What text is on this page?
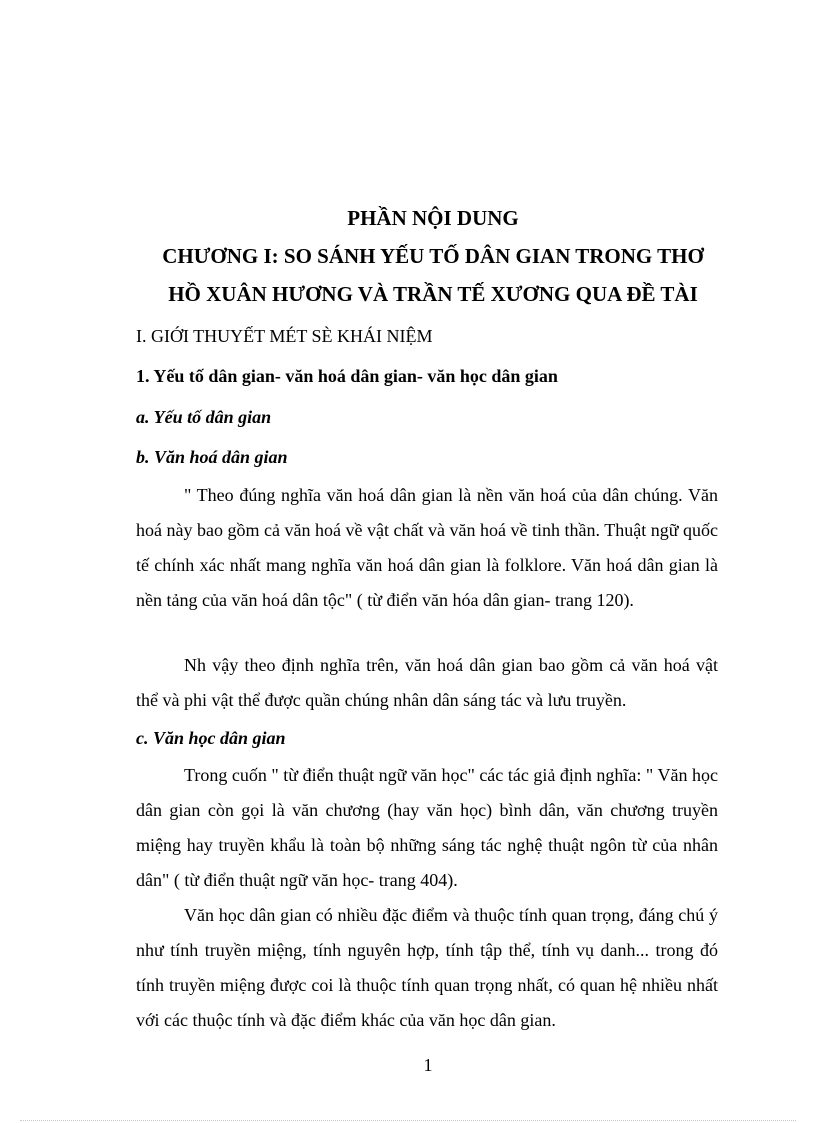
PHẦN NỘI DUNG
CHƯƠNG I: SO SÁNH YẾU TỐ DÂN GIAN TRONG THƠ
HỒ XUÂN HƯƠNG VÀ TRẦN TẾ XƯƠNG QUA ĐỀ TÀI
I. GIỚI THUYẾT MÉT SÈ KHÁI NIỆM
1. Yếu tố dân gian- văn hoá dân gian- văn học dân gian
a. Yếu tố dân gian
b. Văn hoá dân gian
" Theo đúng nghĩa văn hoá dân gian là nền văn hoá của dân chúng. Văn hoá này bao gồm cả văn hoá về vật chất và văn hoá về tinh thần. Thuật ngữ quốc tế chính xác nhất mang nghĩa văn hoá dân gian là folklore. Văn hoá dân gian là nền tảng của văn hoá dân tộc" ( từ điển văn hóa dân gian- trang 120).
Nh vậy theo định nghĩa trên, văn hoá dân gian bao gồm cả văn hoá vật thể và phi vật thể được quần chúng nhân dân sáng tác và lưu truyền.
c. Văn học dân gian
Trong cuốn " từ điển thuật ngữ văn học" các tác giả định nghĩa: " Văn học dân gian còn gọi là văn chương (hay văn học) bình dân, văn chương truyền miệng hay truyền khẩu là toàn bộ những sáng tác nghệ thuật ngôn từ của nhân dân" ( từ điển thuật ngữ văn học- trang 404).
Văn học dân gian có nhiều đặc điểm và thuộc tính quan trọng, đáng chú ý như tính truyền miệng, tính nguyên hợp, tính tập thể, tính vụ danh... trong đó tính truyền miệng được coi là thuộc tính quan trọng nhất, có quan hệ nhiều nhất với các thuộc tính và đặc điểm khác của văn học dân gian.
1
